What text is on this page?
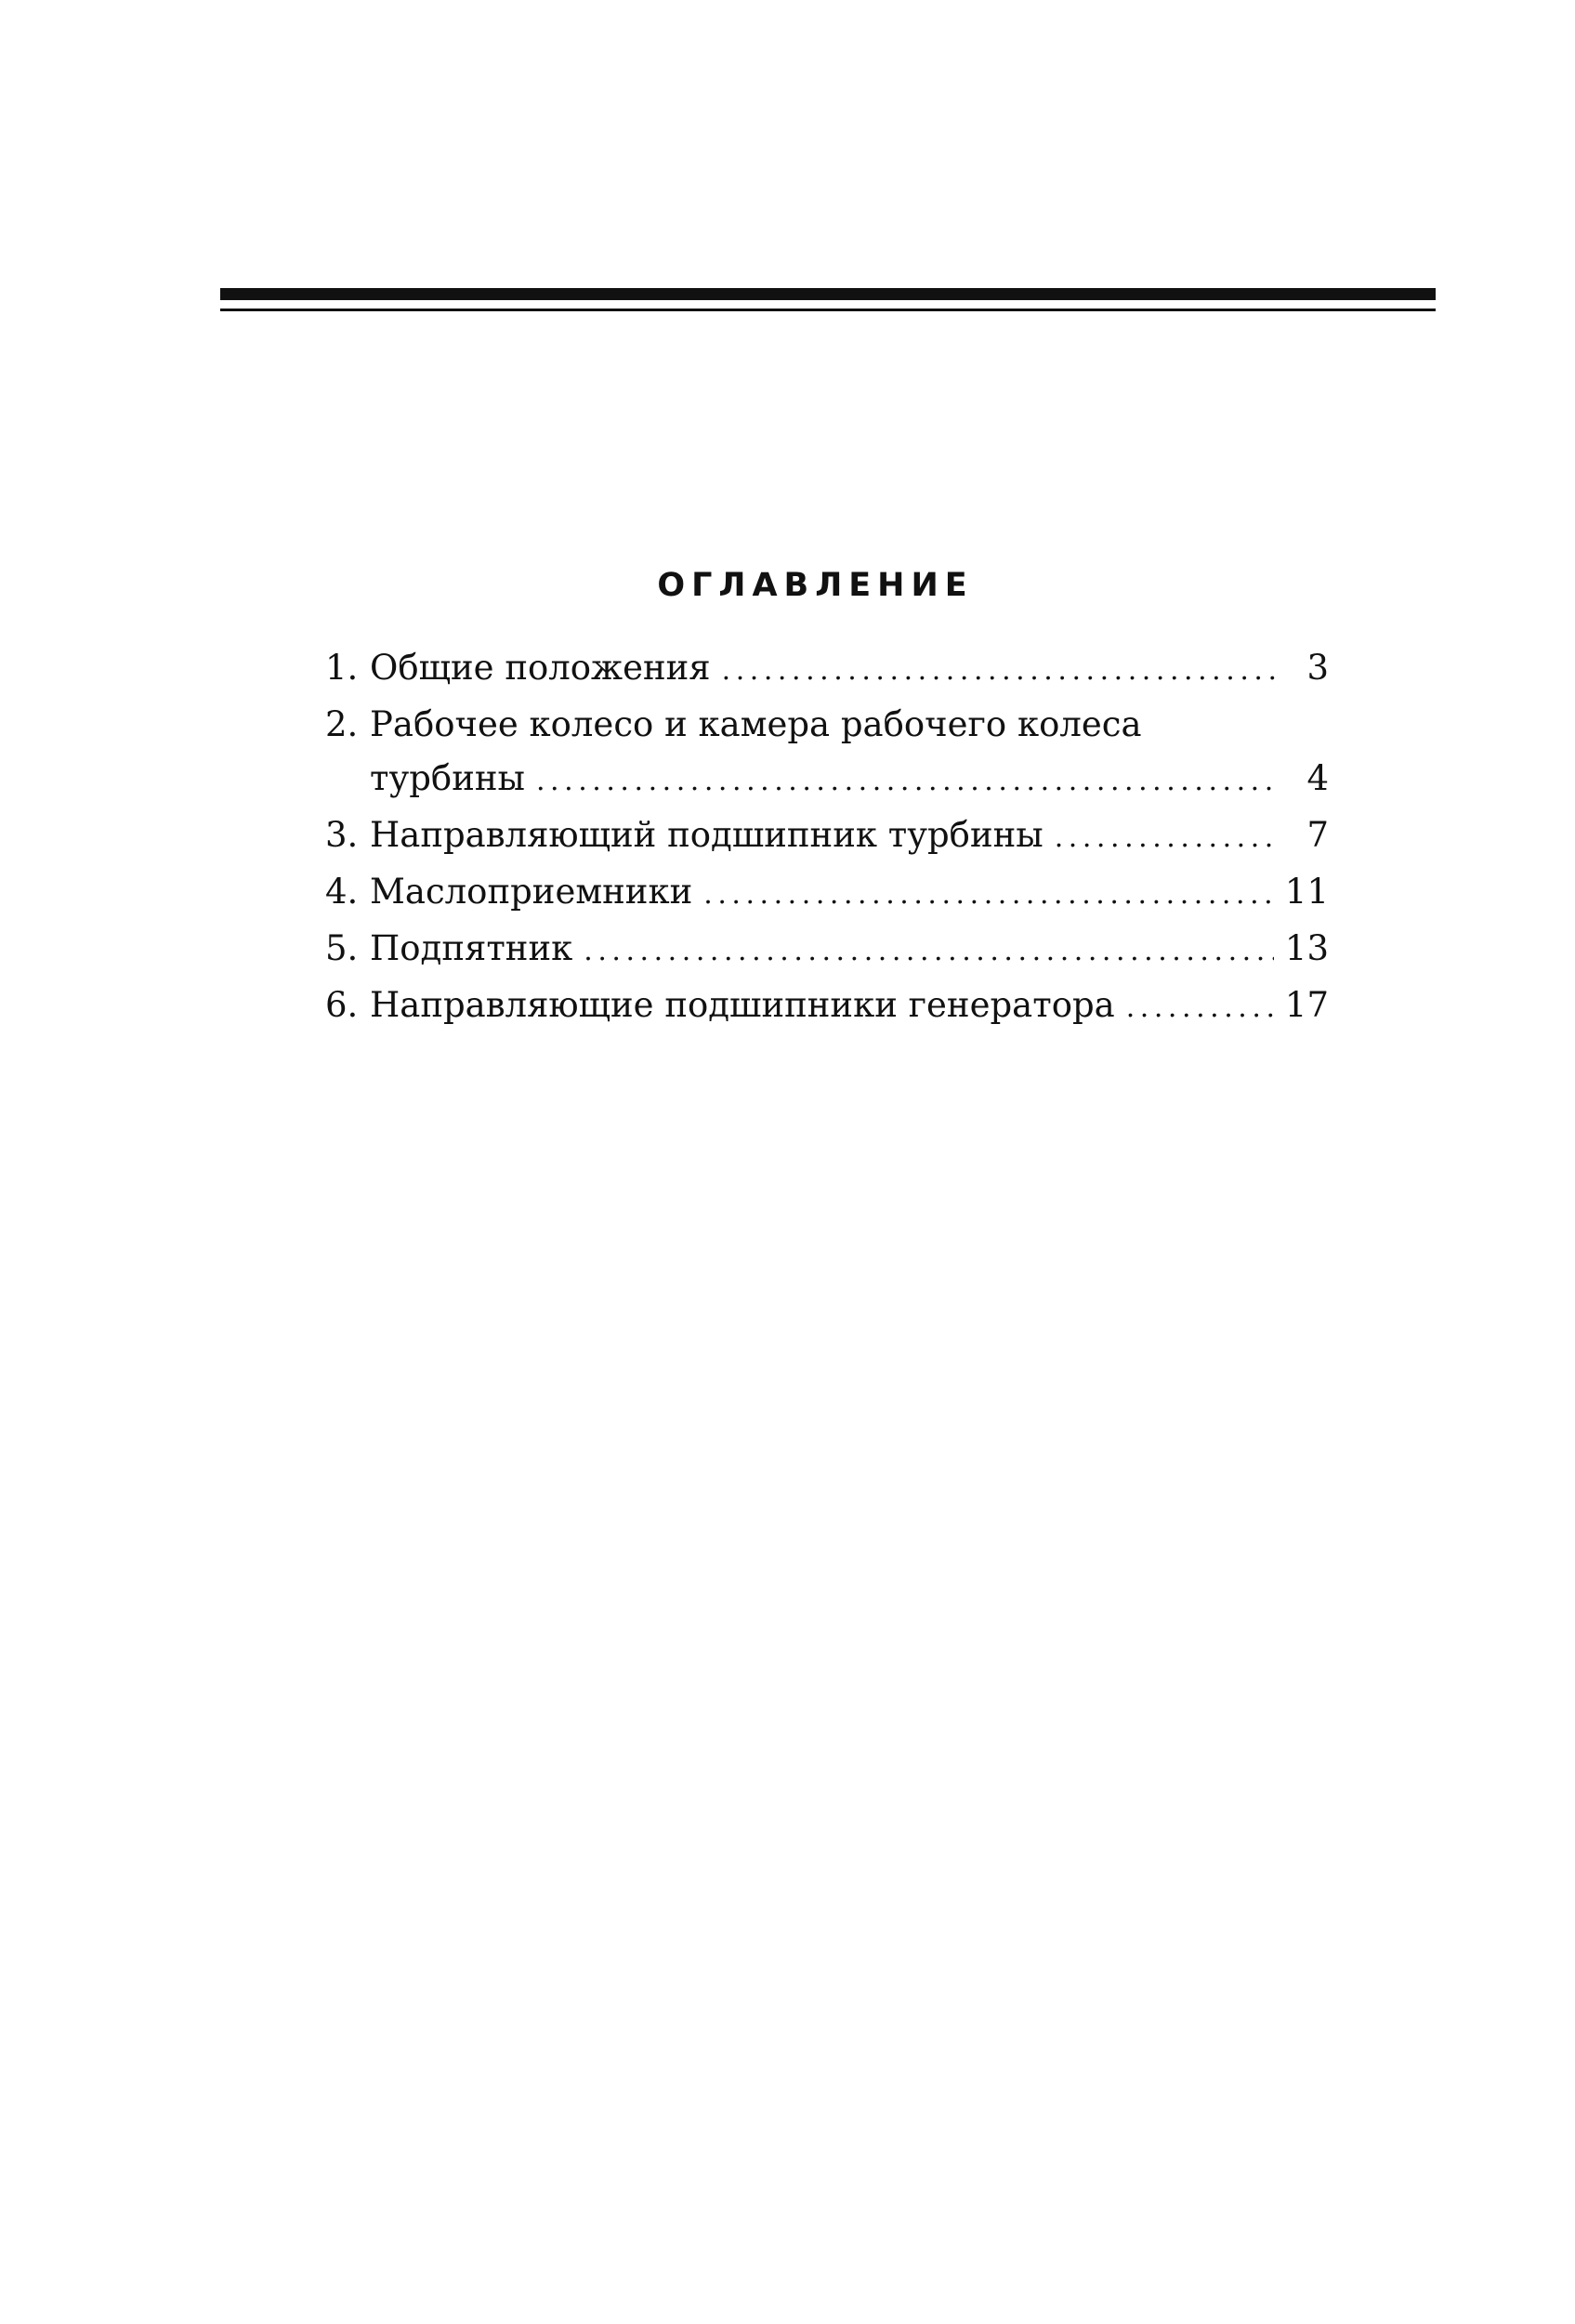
ОГЛАВЛЕНИЕ
1. Общие положения . . .	3
2. Рабочее колесо и камера рабочего колеса
турбины . . .	4
3. Направляющий подшипник турбины . . .	7
4. Маслоприемники . . .	11
5. Подпятник . . .	13
6. Направляющие подшипники генератора . . .	17
